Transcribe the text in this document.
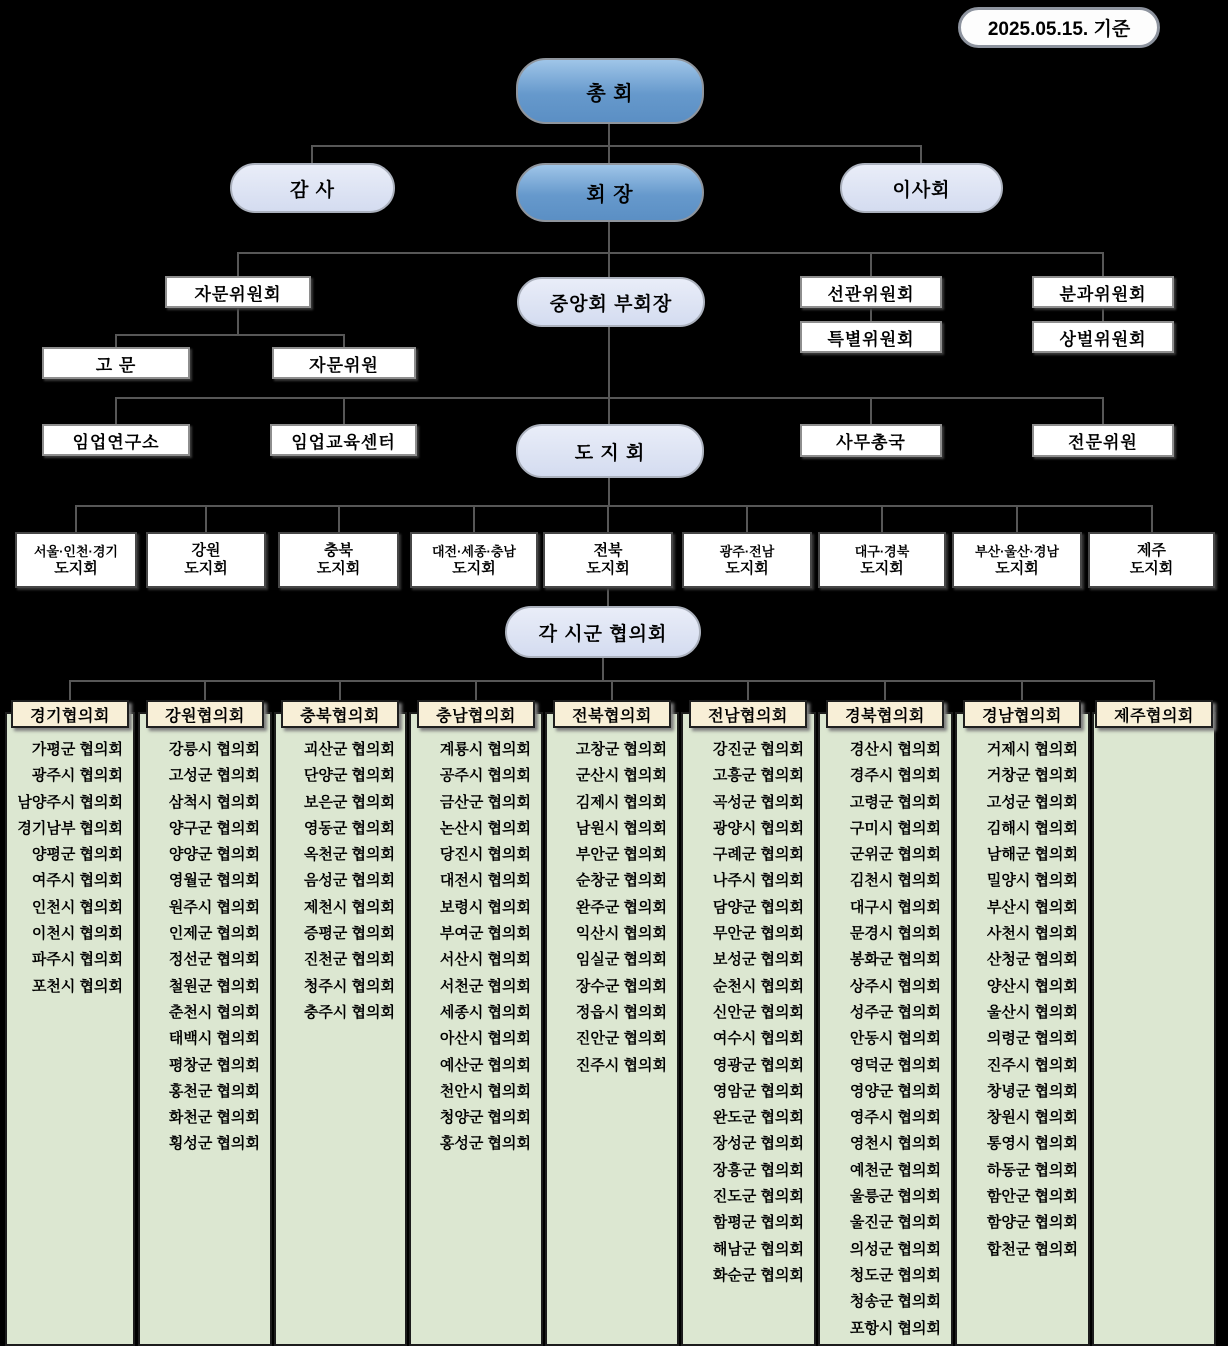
2025.05.15. 기준
총 회
감 사	회 장	이사회
자문위원회	중앙회 부회장	선관위원회	분과위원회
특별위원회	상벌위원회
고 문	자문위원
임업연구소	임업교육센터
도 지 회	사무총국	전문위원
서울·인천·경기
도지회
강원
도지회
충북
도지회
대전·세종·충남
도지회
전북
도지회
광주·전남
도지회
대구·경북
도지회
부산·울산·경남
도지회
제주
도지회
각 시군 협의회
가평군 협의회
광주시 협의회
남양주시 협의회
경기남부 협의회
양평군 협의회
여주시 협의회
인천시 협의회
이천시 협의회
파주시 협의회
포천시 협의회
강릉시 협의회
고성군 협의회
삼척시 협의회
양구군 협의회
양양군 협의회
영월군 협의회
원주시 협의회
인제군 협의회
정선군 협의회
철원군 협의회
춘천시 협의회
태백시 협의회
평창군 협의회
홍천군 협의회
화천군 협의회
횡성군 협의회
괴산군 협의회
단양군 협의회
보은군 협의회
영동군 협의회
옥천군 협의회
음성군 협의회
제천시 협의회
증평군 협의회
진천군 협의회
청주시 협의회
충주시 협의회
계룡시 협의회
공주시 협의회
금산군 협의회
논산시 협의회
당진시 협의회
대전시 협의회
보령시 협의회
부여군 협의회
서산시 협의회
서천군 협의회
세종시 협의회
아산시 협의회
예산군 협의회
천안시 협의회
청양군 협의회
홍성군 협의회
고창군 협의회
군산시 협의회
김제시 협의회
남원시 협의회
부안군 협의회
순창군 협의회
완주군 협의회
익산시 협의회
임실군 협의회
장수군 협의회
정읍시 협의회
진안군 협의회
진주시 협의회
강진군 협의회
고흥군 협의회
곡성군 협의회
광양시 협의회
구례군 협의회
나주시 협의회
담양군 협의회
무안군 협의회
보성군 협의회
순천시 협의회
신안군 협의회
여수시 협의회
영광군 협의회
영암군 협의회
완도군 협의회
장성군 협의회
장흥군 협의회
진도군 협의회
함평군 협의회
해남군 협의회
화순군 협의회
경산시 협의회
경주시 협의회
고령군 협의회
구미시 협의회
군위군 협의회
김천시 협의회
대구시 협의회
문경시 협의회
봉화군 협의회
상주시 협의회
성주군 협의회
안동시 협의회
영덕군 협의회
영양군 협의회
영주시 협의회
영천시 협의회
예천군 협의회
울릉군 협의회
울진군 협의회
의성군 협의회
청도군 협의회
청송군 협의회
포항시 협의회
거제시 협의회
거창군 협의회
고성군 협의회
김해시 협의회
남해군 협의회
밀양시 협의회
부산시 협의회
사천시 협의회
산청군 협의회
양산시 협의회
울산시 협의회
의령군 협의회
진주시 협의회
창녕군 협의회
창원시 협의회
통영시 협의회
하동군 협의회
함안군 협의회
함양군 협의회
합천군 협의회
경기협의회	강원협의회	충북협의회	충남협의회	전북협의회	전남협의회	경북협의회	경남협의회	제주협의회
